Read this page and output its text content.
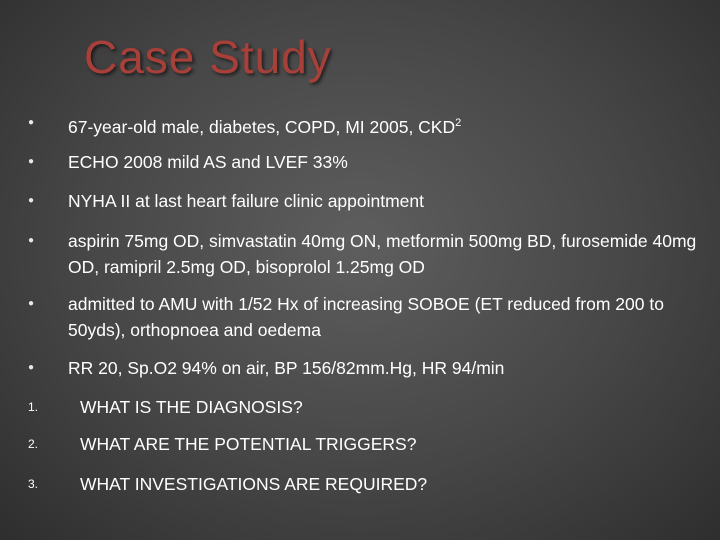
Case Study
●	67-year-old male, diabetes, COPD, MI 2005, CKD$^2$
●	ECHO 2008 mild AS and LVEF 33%
●	NYHA II at last heart failure clinic appointment
●	aspirin 75mg OD, simvastatin 40mg ON, metformin 500mg BD, furosemide 40mg OD, ramipril 2.5mg OD, bisoprolol 1.25mg OD
●	admitted to AMU with 1/52 Hx of increasing SOBOE (ET reduced from 200 to 50yds), orthopnoea and oedema
●	RR 20, Sp.O2 94% on air, BP 156/82mm.Hg, HR 94/min
1.	WHAT IS THE DIAGNOSIS?
2.	WHAT ARE THE POTENTIAL TRIGGERS?
3.	WHAT INVESTIGATIONS ARE REQUIRED?
